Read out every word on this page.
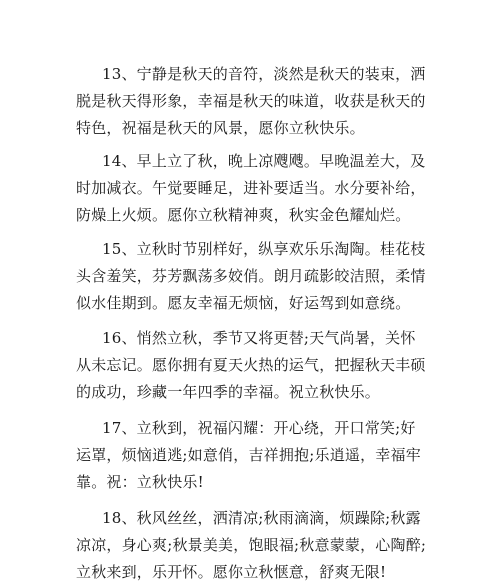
13、宁静是秋天的音符，淡然是秋天的装束，洒脱是秋天得形象，幸福是秋天的味道，收获是秋天的特色，祝福是秋天的风景，愿你立秋快乐。

14、早上立了秋，晚上凉飕飕。早晚温差大，及时加减衣。午觉要睡足，进补要适当。水分要补给，防燥上火烦。愿你立秋精神爽，秋实金色耀灿烂。

15、立秋时节别样好，纵享欢乐乐淘陶。桂花枝头含羞笑，芬芳飘荡多姣俏。朗月疏影皎洁照，柔情似水佳期到。愿友幸福无烦恼，好运驾到如意绕。

16、悄然立秋，季节又将更替;天气尚暑，关怀从未忘记。愿你拥有夏天火热的运气，把握秋天丰硕的成功，珍藏一年四季的幸福。祝立秋快乐。

17、立秋到，祝福闪耀：开心绕，开口常笑;好运罩，烦恼逍逃;如意俏，吉祥拥抱;乐逍遥，幸福牢靠。祝：立秋快乐!

18、秋风丝丝，洒清凉;秋雨滴滴，烦躁除;秋露凉凉，身心爽;秋景美美，饱眼福;秋意蒙蒙，心陶醉;立秋来到，乐开怀。愿你立秋惬意，舒爽无限!
